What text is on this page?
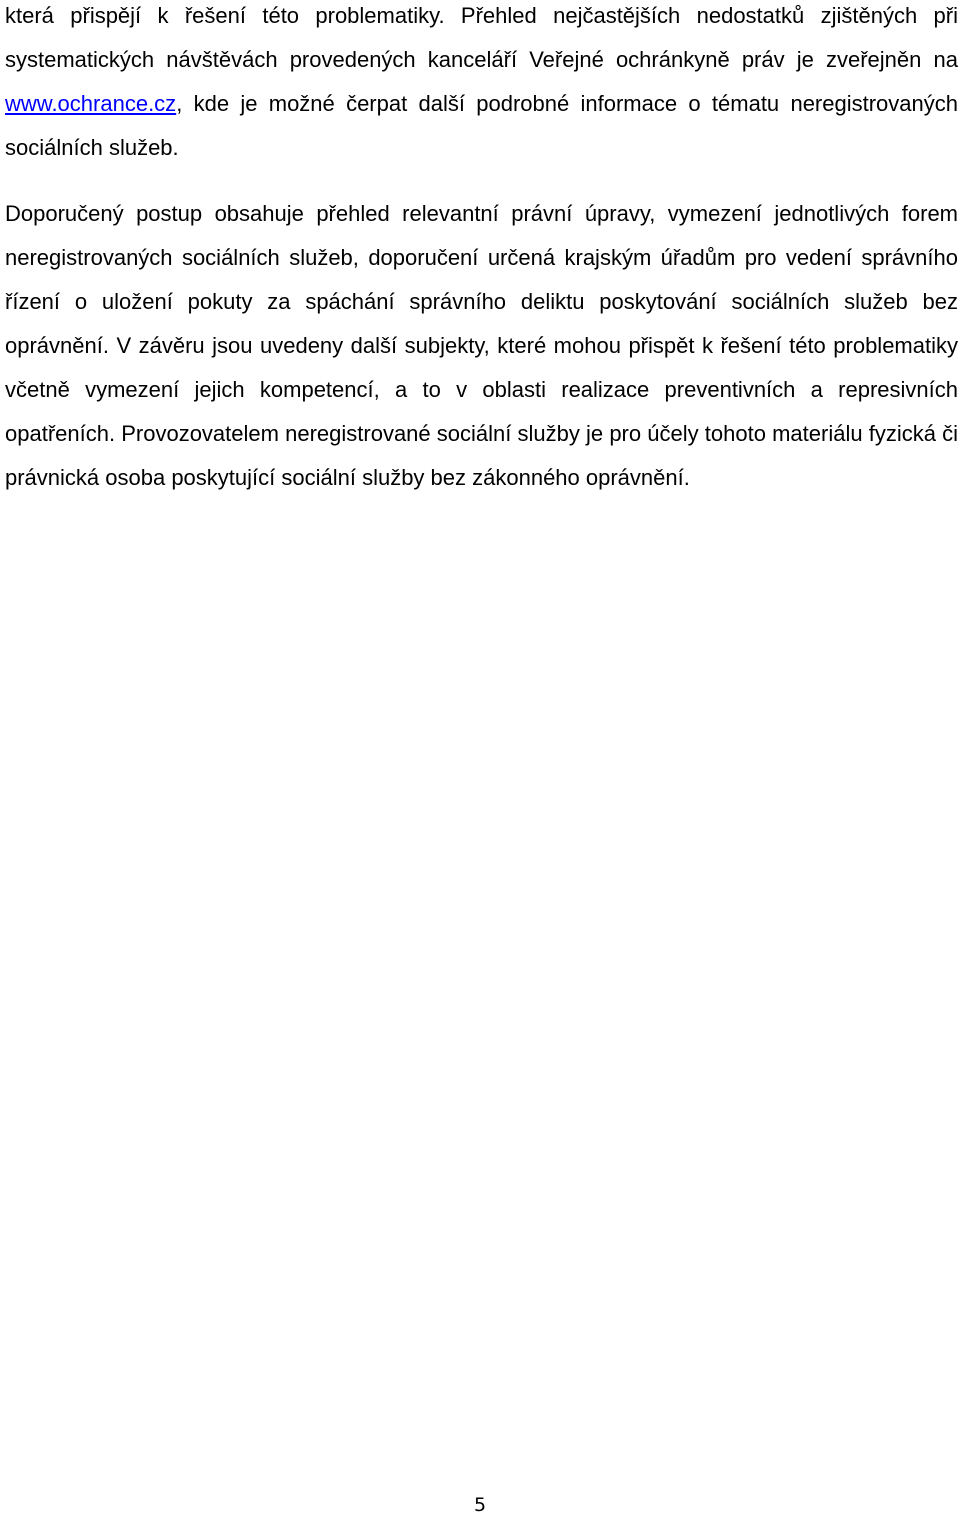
která přispějí k řešení této problematiky. Přehled nejčastějších nedostatků zjištěných při systematických návštěvách provedených kanceláří Veřejné ochránkyně práv je zveřejněn na www.ochrance.cz, kde je možné čerpat další podrobné informace o tématu neregistrovaných sociálních služeb.

Doporučený postup obsahuje přehled relevantní právní úpravy, vymezení jednotlivých forem neregistrovaných sociálních služeb, doporučení určená krajským úřadům pro vedení správního řízení o uložení pokuty za spáchání správního deliktu poskytování sociálních služeb bez oprávnění. V závěru jsou uvedeny další subjekty, které mohou přispět k řešení této problematiky včetně vymezení jejich kompetencí, a to v oblasti realizace preventivních a represivních opatřeních. Provozovatelem neregistrované sociální služby je pro účely tohoto materiálu fyzická či právnická osoba poskytující sociální služby bez zákonného oprávnění.

5
